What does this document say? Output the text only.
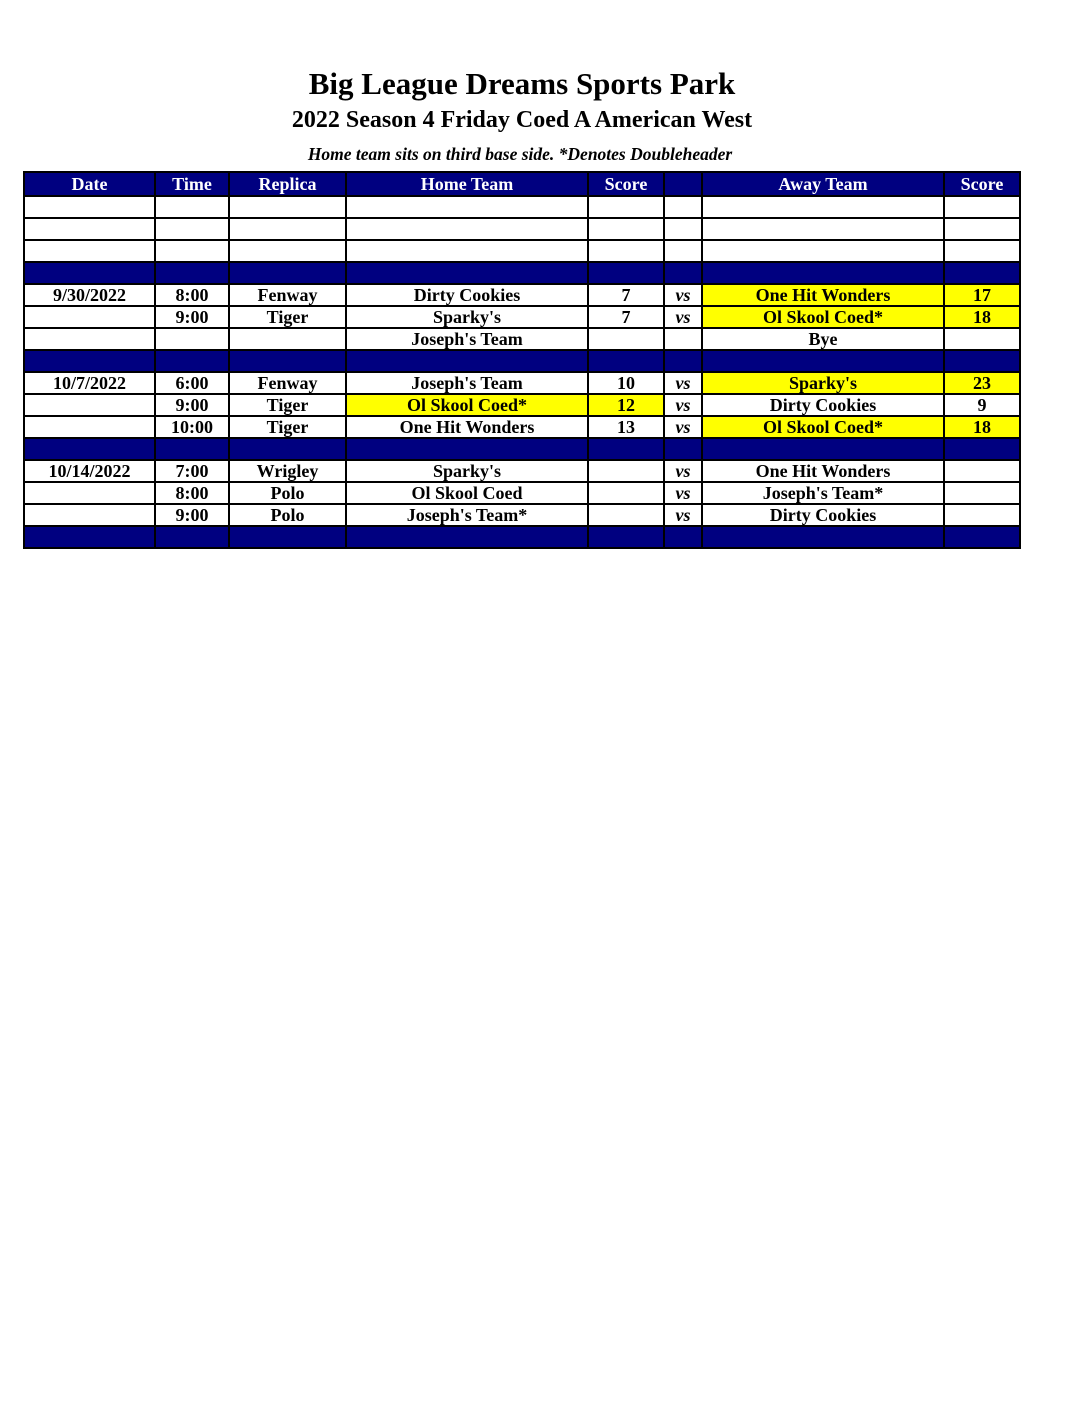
Big League Dreams Sports Park
2022 Season 4 Friday Coed A American West
Home team sits on third base side. *Denotes Doubleheader
Date	Time	Replica	Home Team	Score		Away Team	Score

9/30/2022	8:00	Fenway	Dirty Cookies	7	vs	One Hit Wonders	17
	9:00	Tiger	Sparky's	7	vs	Ol Skool Coed*	18
			Joseph's Team			Bye	

10/7/2022	6:00	Fenway	Joseph's Team	10	vs	Sparky's	23
	9:00	Tiger	Ol Skool Coed*	12	vs	Dirty Cookies	9
	10:00	Tiger	One Hit Wonders	13	vs	Ol Skool Coed*	18

10/14/2022	7:00	Wrigley	Sparky's		vs	One Hit Wonders	
	8:00	Polo	Ol Skool Coed		vs	Joseph's Team*	
	9:00	Polo	Joseph's Team*		vs	Dirty Cookies	
